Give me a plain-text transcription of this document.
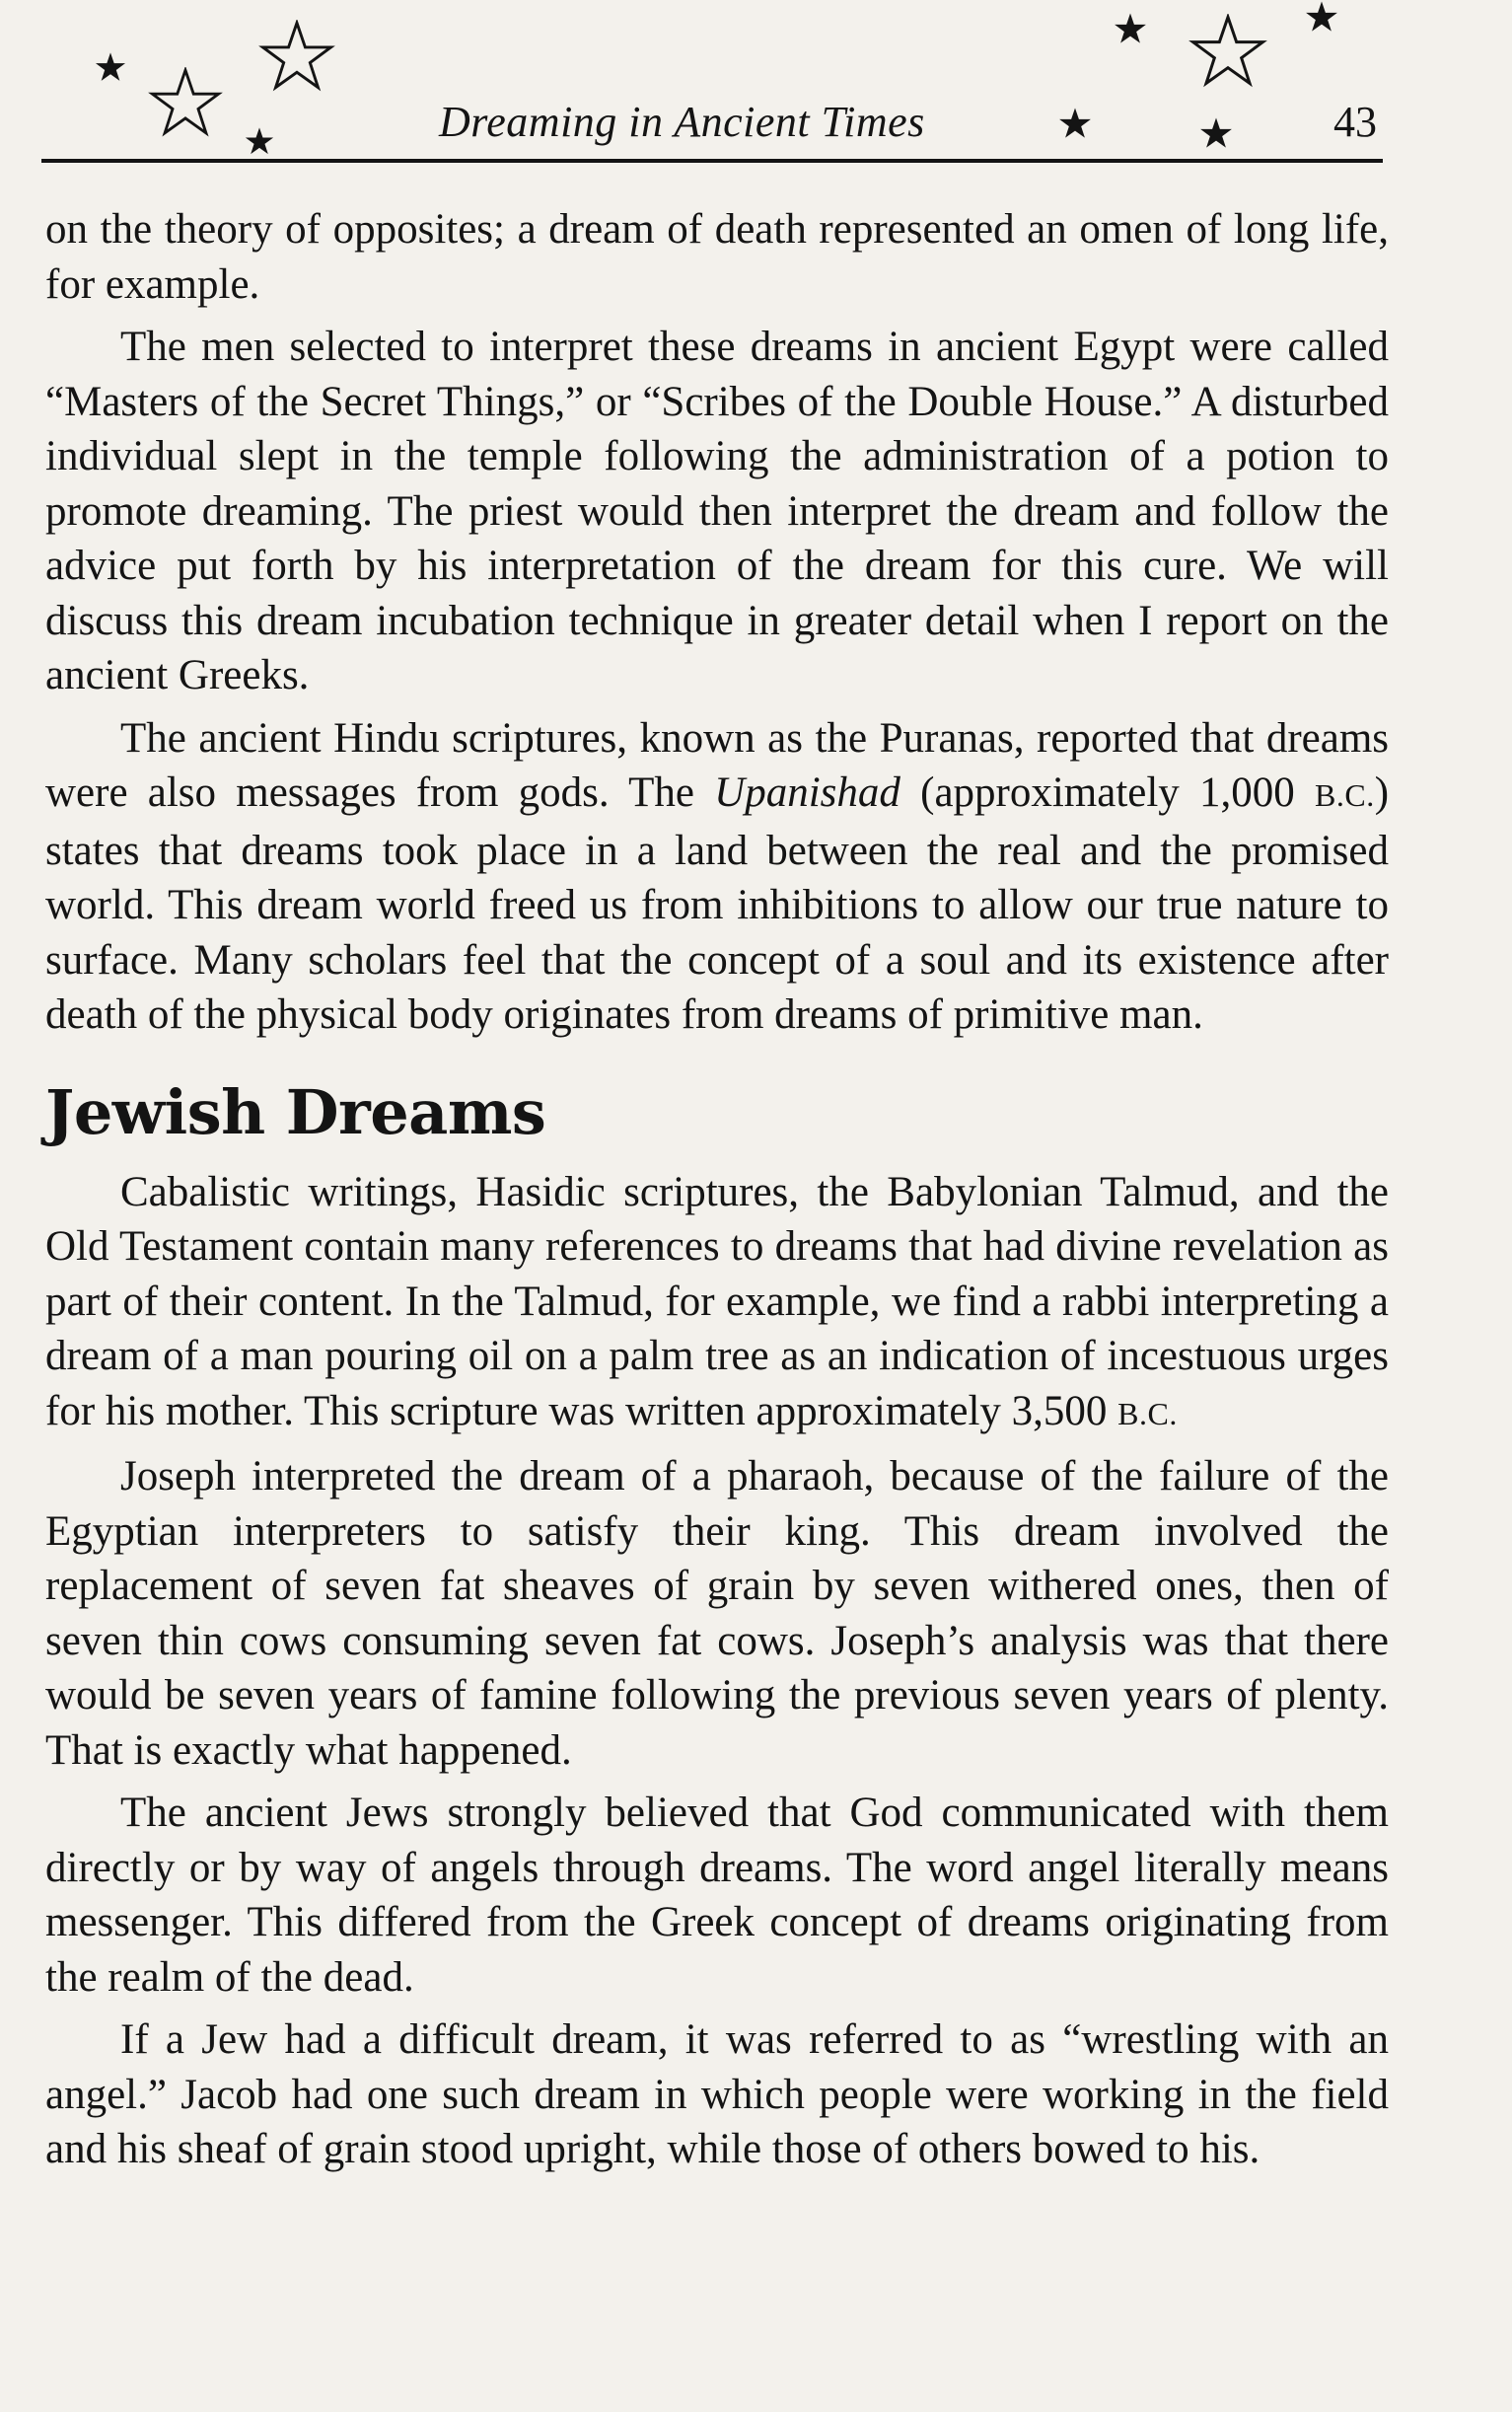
Dreaming in Ancient Times	43

on the theory of opposites; a dream of death represented an omen of long life, for example.

The men selected to interpret these dreams in ancient Egypt were called “Masters of the Secret Things,” or “Scribes of the Double House.” A disturbed individual slept in the temple following the administration of a potion to promote dreaming. The priest would then interpret the dream and follow the advice put forth by his interpretation of the dream for this cure. We will discuss this dream incubation technique in greater detail when I report on the ancient Greeks.

The ancient Hindu scriptures, known as the Puranas, reported that dreams were also messages from gods. The Upanishad (approximately 1,000 B.C.) states that dreams took place in a land between the real and the promised world. This dream world freed us from inhibitions to allow our true nature to surface. Many scholars feel that the concept of a soul and its existence after death of the physical body originates from dreams of primitive man.

Jewish Dreams

Cabalistic writings, Hasidic scriptures, the Babylonian Talmud, and the Old Testament contain many references to dreams that had divine revelation as part of their content. In the Talmud, for example, we find a rabbi interpreting a dream of a man pouring oil on a palm tree as an indication of incestuous urges for his mother. This scripture was written approximately 3,500 B.C.

Joseph interpreted the dream of a pharaoh, because of the failure of the Egyptian interpreters to satisfy their king. This dream involved the replacement of seven fat sheaves of grain by seven withered ones, then of seven thin cows consuming seven fat cows. Joseph’s analysis was that there would be seven years of famine following the previous seven years of plenty. That is exactly what happened.

The ancient Jews strongly believed that God communicated with them directly or by way of angels through dreams. The word angel literally means messenger. This differed from the Greek concept of dreams originating from the realm of the dead.

If a Jew had a difficult dream, it was referred to as “wrestling with an angel.” Jacob had one such dream in which people were working in the field and his sheaf of grain stood upright, while those of others bowed to his.
